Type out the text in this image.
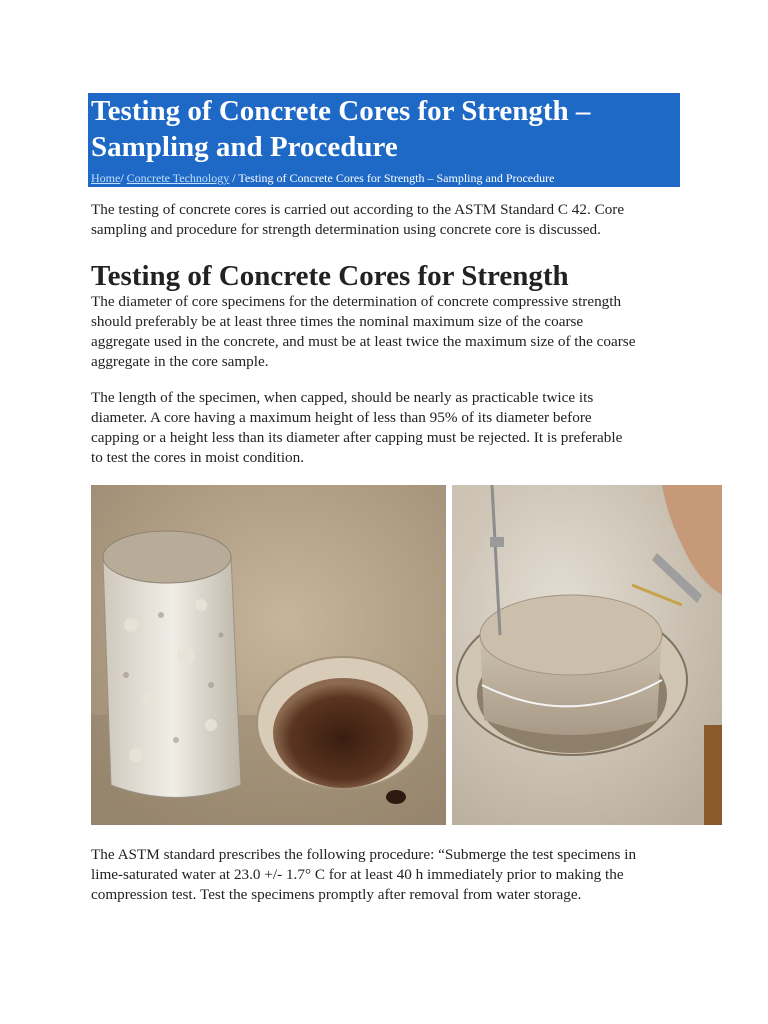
Testing of Concrete Cores for Strength –
Sampling and Procedure
Home/ Concrete Technology / Testing of Concrete Cores for Strength – Sampling and Procedure

The testing of concrete cores is carried out according to the ASTM Standard C 42. Core
sampling and procedure for strength determination using concrete core is discussed.

Testing of Concrete Cores for Strength

The diameter of core specimens for the determination of concrete compressive strength
should preferably be at least three times the nominal maximum size of the coarse
aggregate used in the concrete, and must be at least twice the maximum size of the coarse
aggregate in the core sample.

The length of the specimen, when capped, should be nearly as practicable twice its
diameter. A core having a maximum height of less than 95% of its diameter before
capping or a height less than its diameter after capping must be rejected. It is preferable
to test the cores in moist condition.

The ASTM standard prescribes the following procedure: “Submerge the test specimens in
lime-saturated water at 23.0 +/- 1.7° C for at least 40 h immediately prior to making the
compression test. Test the specimens promptly after removal from water storage.
